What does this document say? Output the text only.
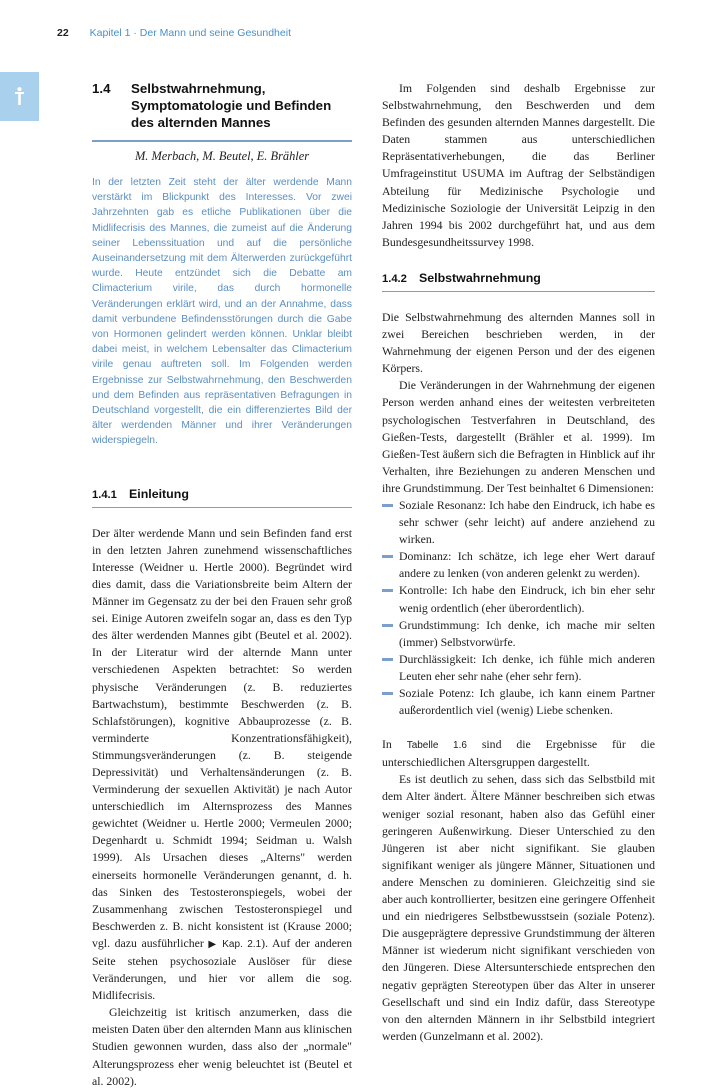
22 Kapitel 1 · Der Mann und seine Gesundheit
1.4	Selbstwahrnehmung, Symptomatologie und Befinden des alternden Mannes
M. Merbach, M. Beutel, E. Brähler
In der letzten Zeit steht der älter werdende Mann verstärkt im Blickpunkt des Interesses. Vor zwei Jahrzehnten gab es etliche Publikationen über die Midlifecrisis des Mannes, die zumeist auf die Änderung seiner Lebenssituation und auf die persönliche Auseinandersetzung mit dem Älterwerden zurückgeführt wurde. Heute entzündet sich die Debatte am Climacterium virile, das durch hormonelle Veränderungen erklärt wird, und an der Annahme, dass damit verbundene Befindensstörungen durch die Gabe von Hormonen gelindert werden können. Unklar bleibt dabei meist, in welchem Lebensalter das Climacterium virile genau auftreten soll. Im Folgenden werden Ergebnisse zur Selbstwahrnehmung, den Beschwerden und dem Befinden aus repräsentativen Befragungen in Deutschland vorgestellt, die ein differenziertes Bild der älter werdenden Männer und ihrer Veränderungen widerspiegeln.
1.4.1 Einleitung

Der älter werdende Mann und sein Befinden fand erst in den letzten Jahren zunehmend wissenschaftliches Interesse (Weidner u. Hertle 2000). Begründet wird dies damit, dass die Variationsbreite beim Altern der Männer im Gegensatz zu der bei den Frauen sehr groß sei. Einige Autoren zweifeln sogar an, dass es den Typ des älter werdenden Mannes gibt (Beutel et al. 2002). In der Literatur wird der alternde Mann unter verschiedenen Aspekten betrachtet: So werden physische Veränderungen (z. B. reduziertes Bartwachstum), bestimmte Beschwerden (z. B. Schlafstörungen), kognitive Abbauprozesse (z. B. verminderte Konzentrationsfähigkeit), Stimmungsveränderungen (z. B. steigende Depressivität) und Verhaltensänderungen (z. B. Verminderung der sexuellen Aktivität) je nach Autor unterschiedlich im Alternsprozess des Mannes gewichtet (Weidner u. Hertle 2000; Vermeulen 2000; Degenhardt u. Schmidt 1994; Seidman u. Walsh 1999). Als Ursachen dieses „Alterns" werden einerseits hormonelle Veränderungen genannt, d. h. das Sinken des Testosteronspiegels, wobei der Zusammenhang zwischen Testosteronspiegel und Beschwerden z. B. nicht konsistent ist (Krause 2000; vgl. dazu ausführlicher ▶ Kap. 2.1). Auf der anderen Seite stehen psychosoziale Auslöser für diese Veränderungen, und hier vor allem die sog. Midlifecrisis.

Gleichzeitig ist kritisch anzumerken, dass die meisten Daten über den alternden Mann aus klinischen Studien gewonnen wurden, dass also der „normale" Alterungsprozess eher wenig beleuchtet ist (Beutel et al. 2002).

Im Folgenden sind deshalb Ergebnisse zur Selbstwahrnehmung, den Beschwerden und dem Befinden des gesunden alternden Mannes dargestellt. Die Daten stammen aus unterschiedlichen Repräsentativerhebungen, die das Berliner Umfrageinstitut USUMA im Auftrag der Selbständigen Abteilung für Medizinische Psychologie und Medizinische Soziologie der Universität Leipzig in den Jahren 1994 bis 2002 durchgeführt hat, und aus dem Bundesgesundheitssurvey 1998.

1.4.2 Selbstwahrnehmung

Die Selbstwahrnehmung des alternden Mannes soll in zwei Bereichen beschrieben werden, in der Wahrnehmung der eigenen Person und der des eigenen Körpers.

Die Veränderungen in der Wahrnehmung der eigenen Person werden anhand eines der weitesten verbreiteten psychologischen Testverfahren in Deutschland, des Gießen-Tests, dargestellt (Brähler et al. 1999). Im Gießen-Test äußern sich die Befragten in Hinblick auf ihr Verhalten, ihre Beziehungen zu anderen Menschen und ihre Grundstimmung. Der Test beinhaltet 6 Dimensionen:

Soziale Resonanz: Ich habe den Eindruck, ich habe es sehr schwer (sehr leicht) auf andere anziehend zu wirken.
Dominanz: Ich schätze, ich lege eher Wert darauf andere zu lenken (von anderen gelenkt zu werden).
Kontrolle: Ich habe den Eindruck, ich bin eher sehr wenig ordentlich (eher überordentlich).
Grundstimmung: Ich denke, ich mache mir selten (immer) Selbstvorwürfe.
Durchlässigkeit: Ich denke, ich fühle mich anderen Leuten eher sehr nahe (eher sehr fern).
Soziale Potenz: Ich glaube, ich kann einem Partner außerordentlich viel (wenig) Liebe schenken.

In Tabelle 1.6 sind die Ergebnisse für die unterschiedlichen Altersgruppen dargestellt.

Es ist deutlich zu sehen, dass sich das Selbstbild mit dem Alter ändert. Ältere Männer beschreiben sich etwas weniger sozial resonant, haben also das Gefühl einer geringeren Außenwirkung. Dieser Unterschied zu den Jüngeren ist aber nicht signifikant. Sie glauben signifikant weniger als jüngere Männer, Situationen und andere Menschen zu dominieren. Gleichzeitig sind sie aber auch kontrollierter, besitzen eine geringere Offenheit und ein niedrigeres Selbstbewusstsein (soziale Potenz). Die ausgeprägtere depressive Grundstimmung der älteren Männer ist wiederum nicht signifikant verschieden von den Jüngeren. Diese Altersunterschiede entsprechen den negativ geprägten Stereotypen über das Alter in unserer Gesellschaft und sind ein Indiz dafür, dass Stereotype von den alternden Männern in ihr Selbstbild integriert werden (Gunzelmann et al. 2002).
